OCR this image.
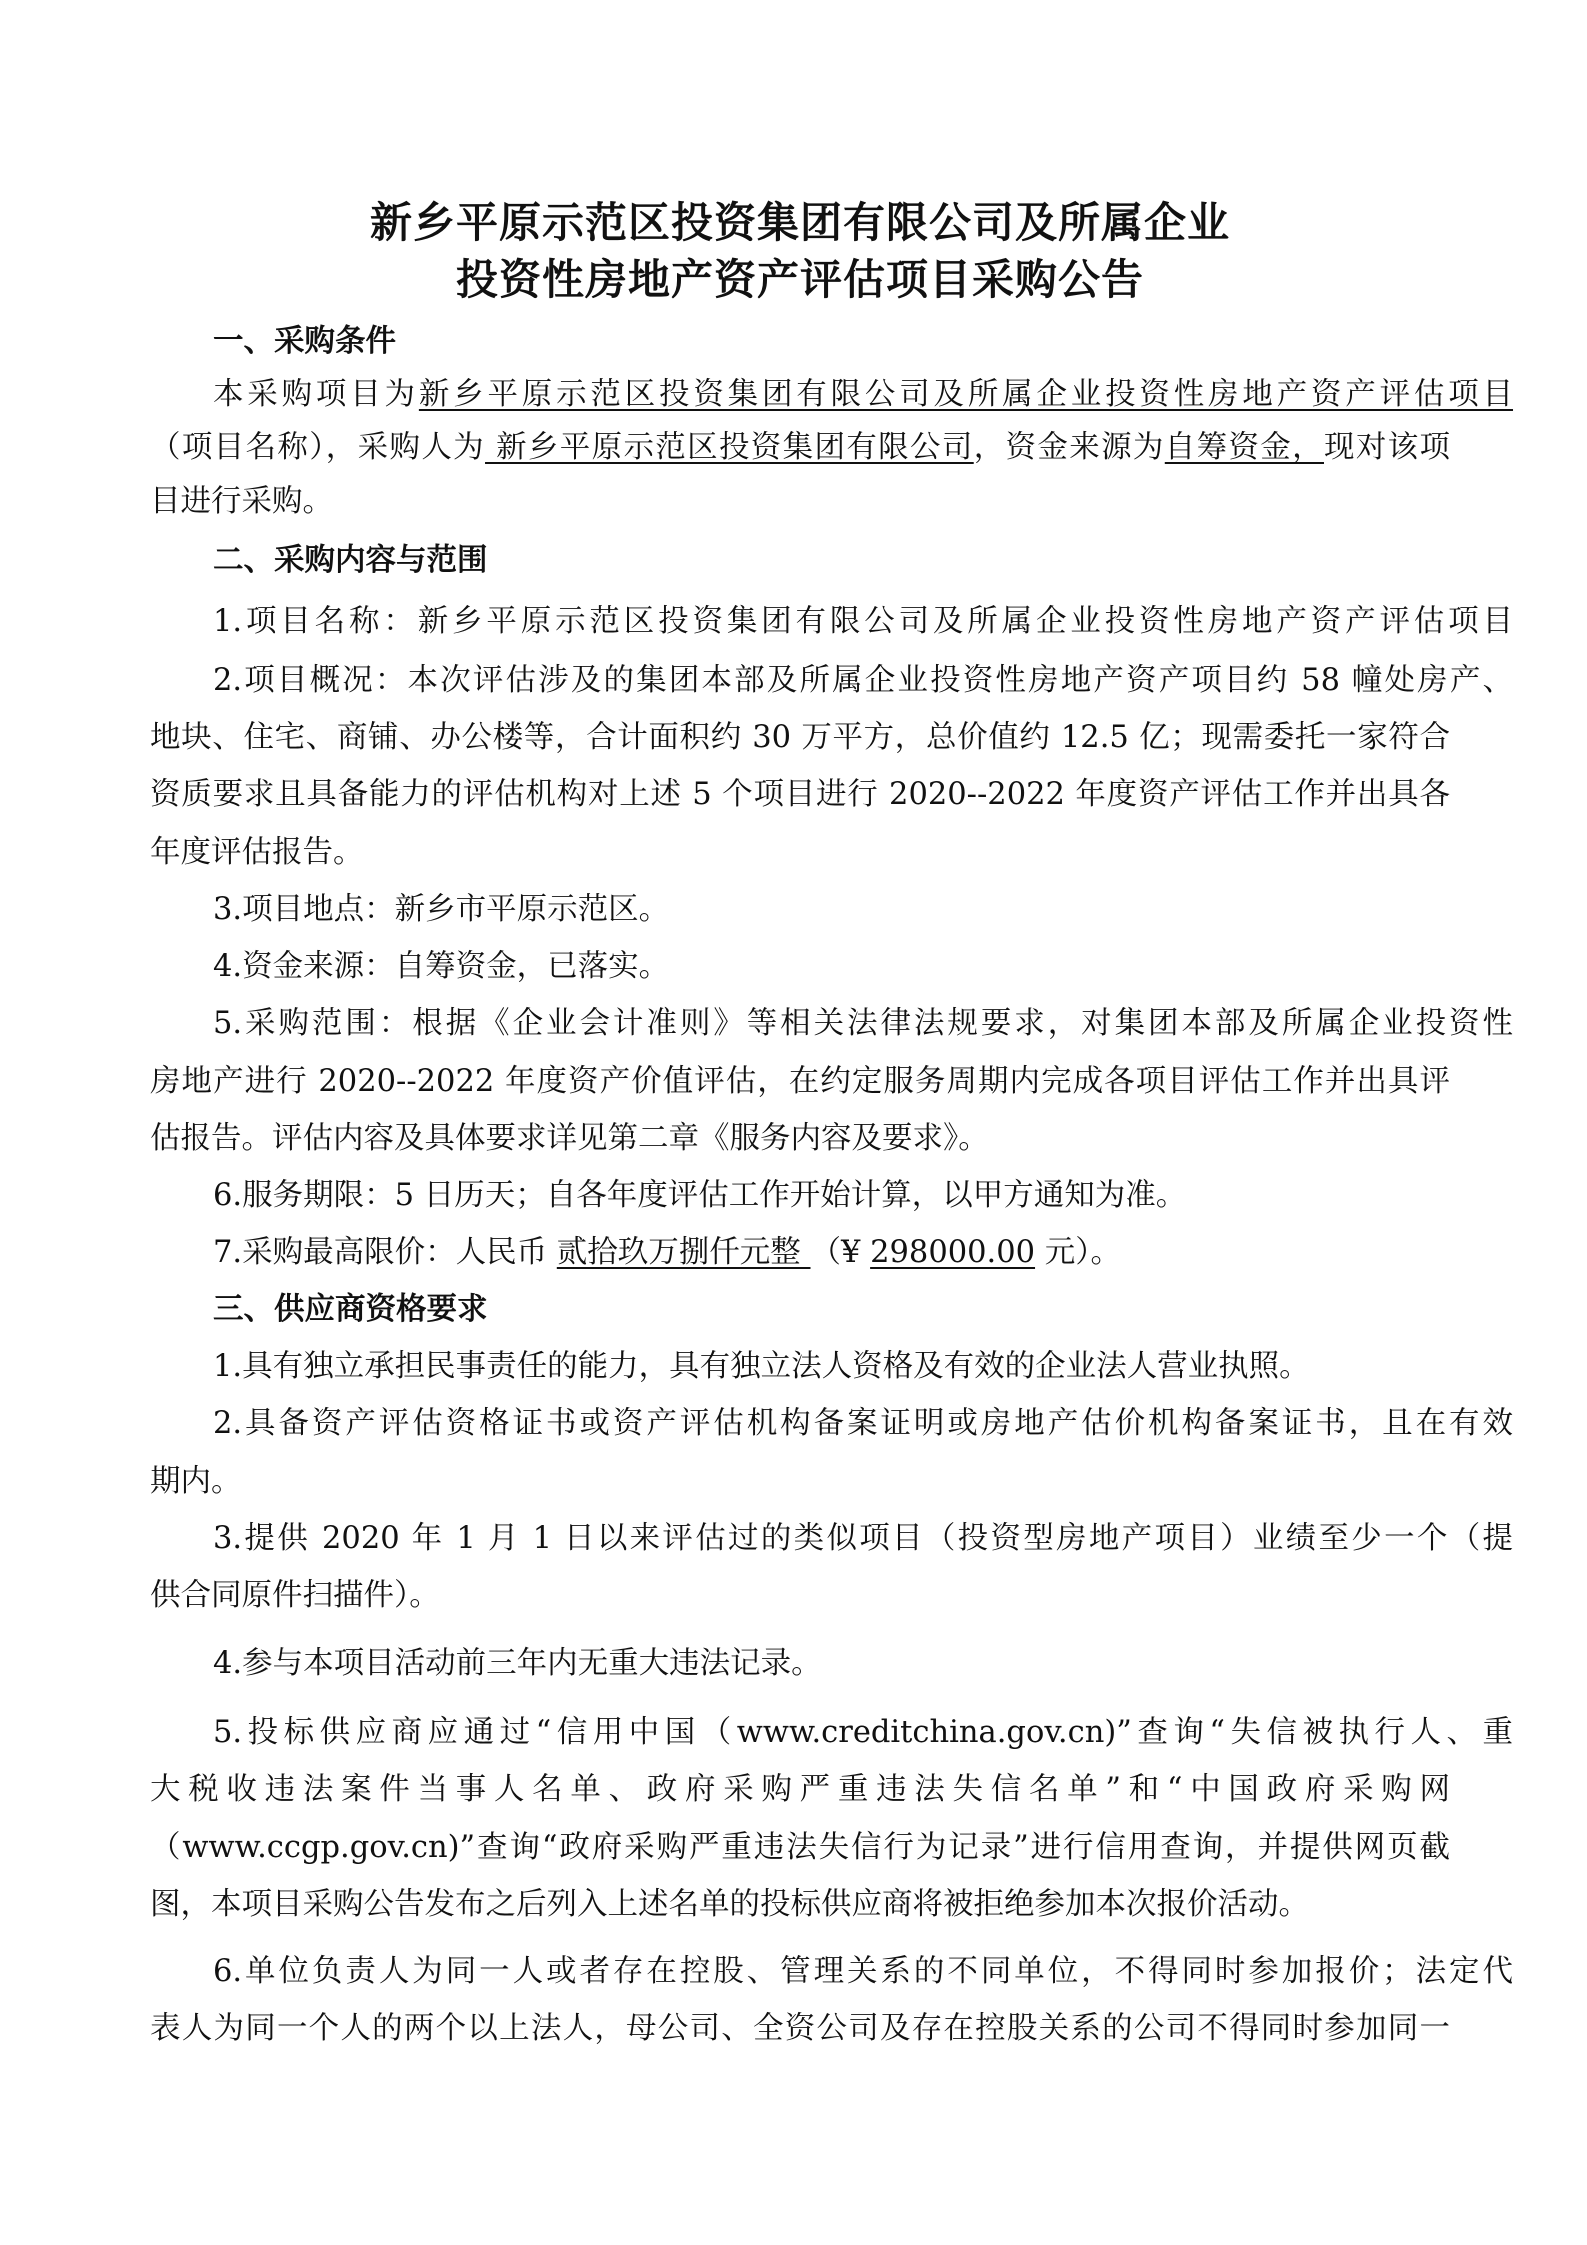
新乡平原示范区投资集团有限公司及所属企业
投资性房地产资产评估项目采购公告
一、采购条件
本采购项目为新乡平原示范区投资集团有限公司及所属企业投资性房地产资产评估项目
（项目名称），采购人为 新乡平原示范区投资集团有限公司，资金来源为自筹资金，现对该项
目进行采购。
二、采购内容与范围
1.项目名称：新乡平原示范区投资集团有限公司及所属企业投资性房地产资产评估项目
2.项目概况：本次评估涉及的集团本部及所属企业投资性房地产资产项目约 58 幢处房产、
地块、住宅、商铺、办公楼等，合计面积约 30 万平方，总价值约 12.5 亿；现需委托一家符合
资质要求且具备能力的评估机构对上述 5 个项目进行 2020--2022 年度资产评估工作并出具各
年度评估报告。
3.项目地点：新乡市平原示范区。
4.资金来源：自筹资金，已落实。
5.采购范围：根据《企业会计准则》等相关法律法规要求，对集团本部及所属企业投资性
房地产进行 2020--2022 年度资产价值评估，在约定服务周期内完成各项目评估工作并出具评
估报告。评估内容及具体要求详见第二章《服务内容及要求》。
6.服务期限：5 日历天；自各年度评估工作开始计算，以甲方通知为准。
7.采购最高限价：人民币 贰拾玖万捌仟元整 （¥ 298000.00 元）。
三、供应商资格要求
1.具有独立承担民事责任的能力，具有独立法人资格及有效的企业法人营业执照。
2.具备资产评估资格证书或资产评估机构备案证明或房地产估价机构备案证书，且在有效
期内。
3.提供 2020 年 1 月 1 日以来评估过的类似项目（投资型房地产项目）业绩至少一个（提
供合同原件扫描件）。
4.参与本项目活动前三年内无重大违法记录。
5.投标供应商应通过“信用中国（www.creditchina.gov.cn)”查询“失信被执行人、重
大税收违法案件当事人名单、政府采购严重违法失信名单”和“中国政府采购网
（www.ccgp.gov.cn)”查询“政府采购严重违法失信行为记录”进行信用查询，并提供网页截
图，本项目采购公告发布之后列入上述名单的投标供应商将被拒绝参加本次报价活动。
6.单位负责人为同一人或者存在控股、管理关系的不同单位，不得同时参加报价；法定代
表人为同一个人的两个以上法人，母公司、全资公司及存在控股关系的公司不得同时参加同一
